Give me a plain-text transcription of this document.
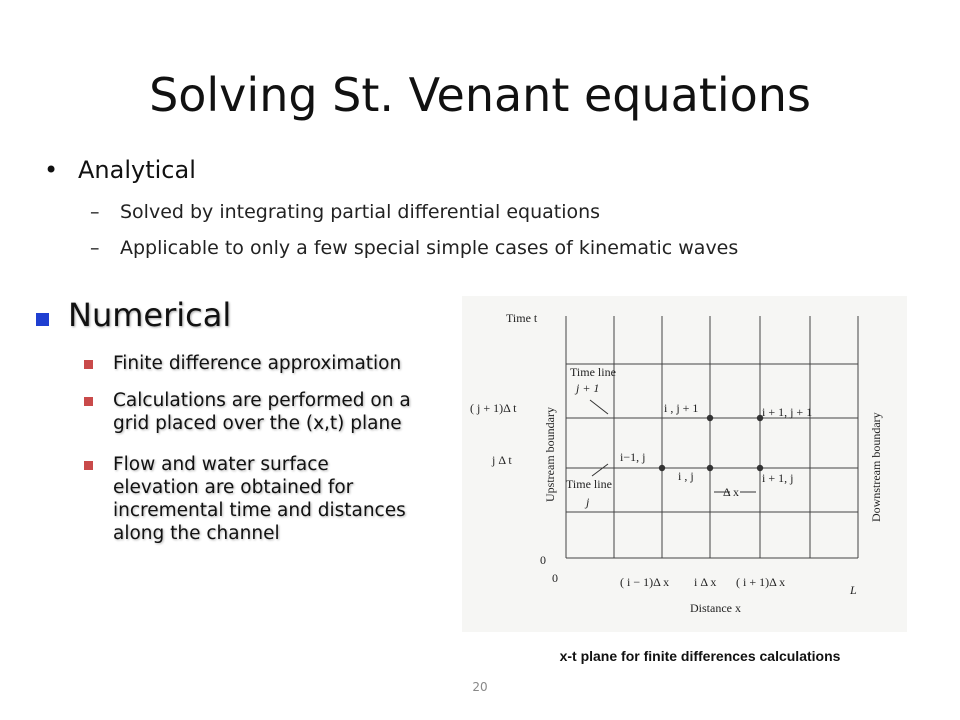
Solving St. Venant equations
• Analytical
– Solved by integrating partial differential equations
– Applicable to only a few special simple cases of kinematic waves
Numerical
Finite difference approximation
Calculations are performed on a
grid placed over the (x,t) plane
Flow and water surface
elevation are obtained for
incremental time and distances
along the channel
Time t
Time line
j + 1
( j + 1)Δ t
j Δ t
i , j + 1	i + 1, j + 1
i−1, j
i , j	i + 1, j
Δ x
Time line
j
0
0	( i − 1)Δ x i Δ x ( i + 1)Δ x
L
Distance x
Upstream boundary	Downstream boundary
x-t plane for finite differences calculations
20
